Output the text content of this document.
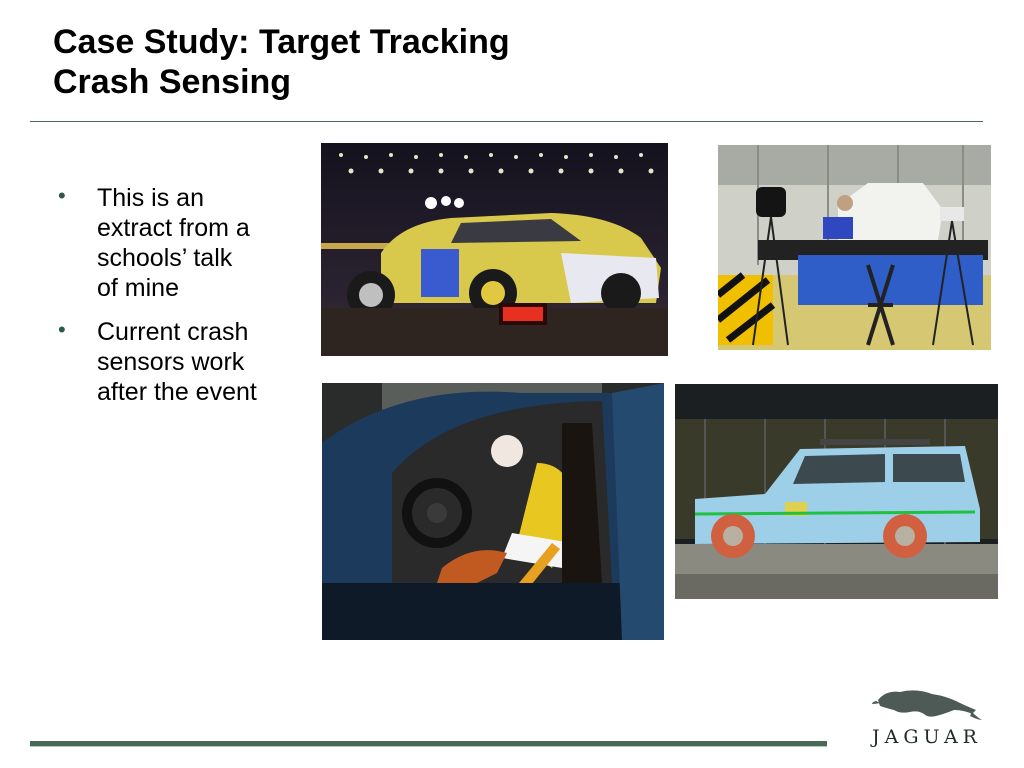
Case Study: Target Tracking
Crash Sensing
• This is an extract from a schools’ talk of mine
• Current crash sensors work after the event
JAGUAR
